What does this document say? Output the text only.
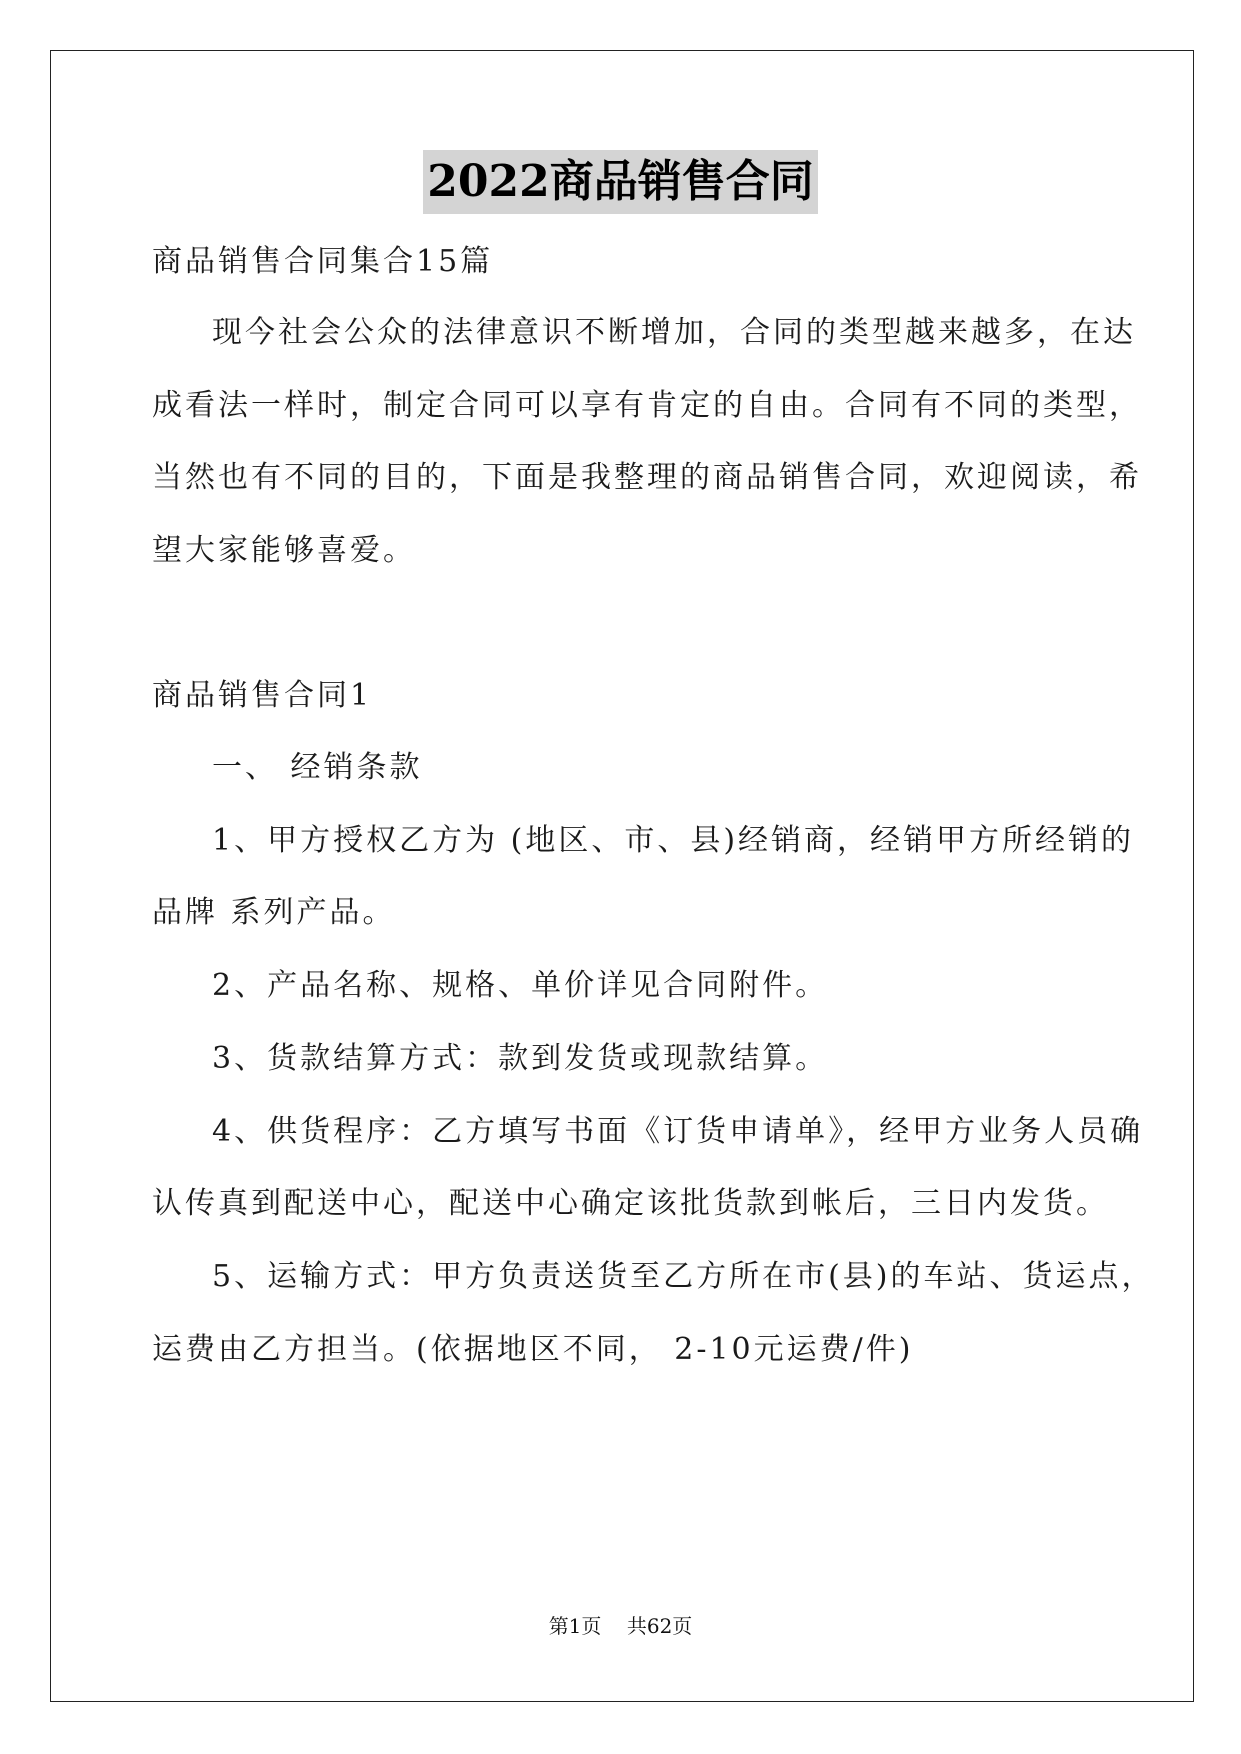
2022商品销售合同
商品销售合同集合15篇
现今社会公众的法律意识不断增加，合同的类型越来越多，在达
成看法一样时，制定合同可以享有肯定的自由。合同有不同的类型，
当然也有不同的目的，下面是我整理的商品销售合同，欢迎阅读，希
望大家能够喜爱。
商品销售合同1
一、 经销条款
1、甲方授权乙方为 (地区、市、县)经销商，经销甲方所经销的
品牌 系列产品。
2、产品名称、规格、单价详见合同附件。
3、货款结算方式：款到发货或现款结算。
4、供货程序：乙方填写书面《订货申请单》，经甲方业务人员确
认传真到配送中心，配送中心确定该批货款到帐后，三日内发货。
5、运输方式：甲方负责送货至乙方所在市(县)的车站、货运点，
运费由乙方担当。(依据地区不同， 2-10元运费/件)
第1页 共62页
